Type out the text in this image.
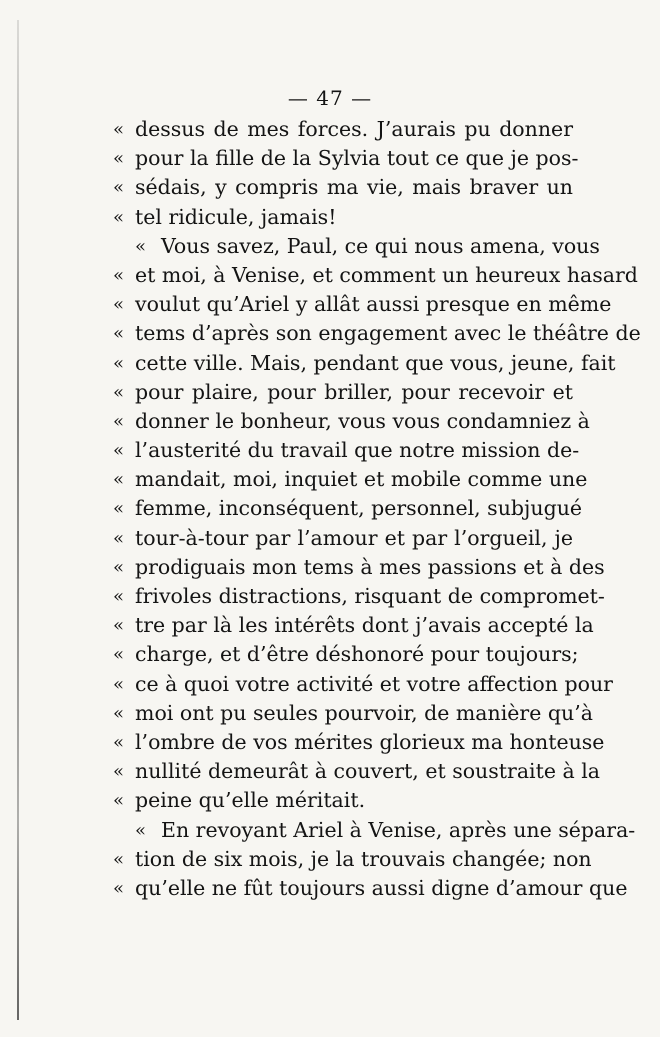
— 47 —
« dessus de mes forces. J’aurais pu donner
« pour la fille de la Sylvia tout ce que je pos-
« sédais, y compris ma vie, mais braver un
« tel ridicule, jamais!
« Vous savez, Paul, ce qui nous amena, vous
« et moi, à Venise, et comment un heureux hasard
« voulut qu’Ariel y allât aussi presque en même
« tems d’après son engagement avec le théâtre de
« cette ville. Mais, pendant que vous, jeune, fait
« pour plaire, pour briller, pour recevoir et
« donner le bonheur, vous vous condamniez à
« l’austerité du travail que notre mission de-
« mandait, moi, inquiet et mobile comme une
« femme, inconséquent, personnel, subjugué
« tour-à-tour par l’amour et par l’orgueil, je
« prodiguais mon tems à mes passions et à des
« frivoles distractions, risquant de compromet-
« tre par là les intérêts dont j’avais accepté la
« charge, et d’être déshonoré pour toujours;
« ce à quoi votre activité et votre affection pour
« moi ont pu seules pourvoir, de manière qu’à
« l’ombre de vos mérites glorieux ma honteuse
« nullité demeurât à couvert, et soustraite à la
« peine qu’elle méritait.
« En revoyant Ariel à Venise, après une sépara-
« tion de six mois, je la trouvais changée; non
« qu’elle ne fût toujours aussi digne d’amour que
